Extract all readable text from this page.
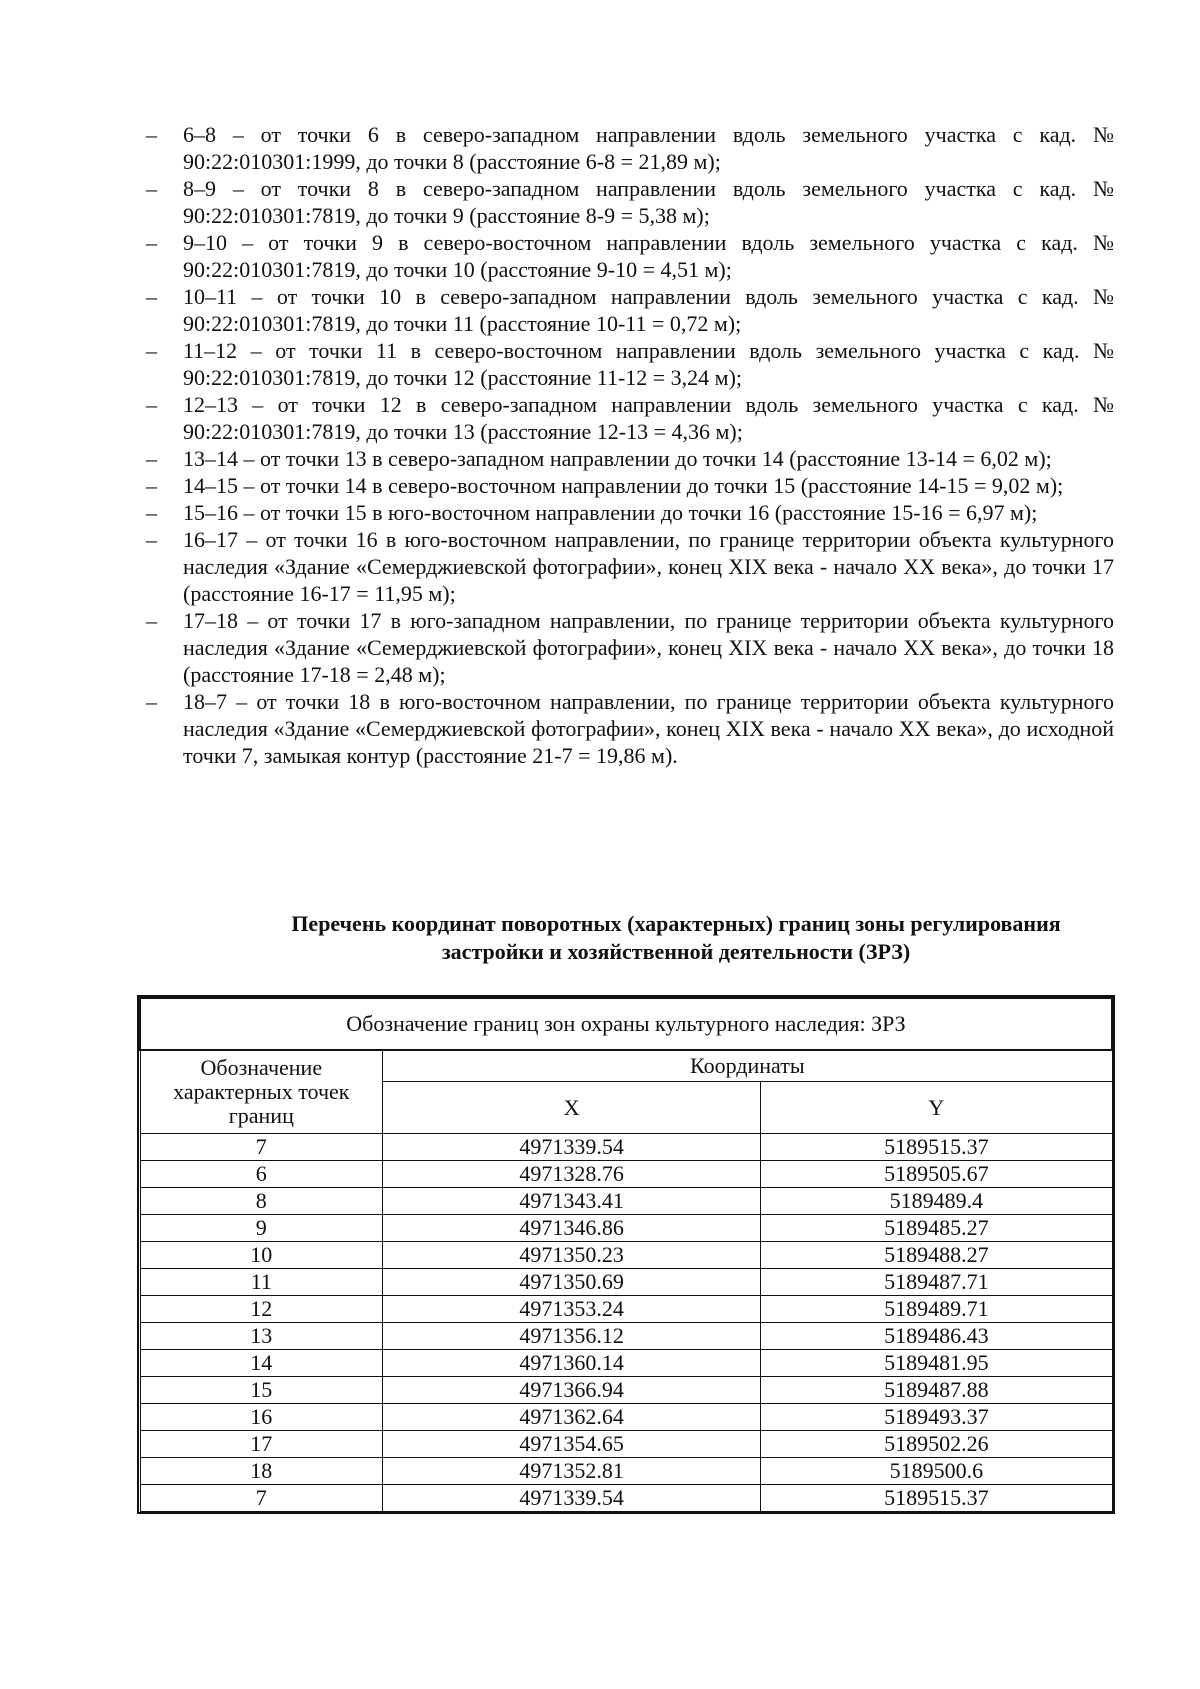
–	6–8 – от точки 6 в северо-западном направлении вдоль земельного участка с кад. № 90:22:010301:1999, до точки 8 (расстояние 6-8 = 21,89 м);
–	8–9 – от точки 8 в северо-западном направлении вдоль земельного участка с кад. № 90:22:010301:7819, до точки 9 (расстояние 8-9 = 5,38 м);
–	9–10 – от точки 9 в северо-восточном направлении вдоль земельного участка с кад. № 90:22:010301:7819, до точки 10 (расстояние 9-10 = 4,51 м);
–	10–11 – от точки 10 в северо-западном направлении вдоль земельного участка с кад. № 90:22:010301:7819, до точки 11 (расстояние 10-11 = 0,72 м);
–	11–12 – от точки 11 в северо-восточном направлении вдоль земельного участка с кад. № 90:22:010301:7819, до точки 12 (расстояние 11-12 = 3,24 м);
–	12–13 – от точки 12 в северо-западном направлении вдоль земельного участка с кад. № 90:22:010301:7819, до точки 13 (расстояние 12-13 = 4,36 м);
–	13–14 – от точки 13 в северо-западном направлении до точки 14 (расстояние 13-14 = 6,02 м);
–	14–15 – от точки 14 в северо-восточном направлении до точки 15 (расстояние 14-15 = 9,02 м);
–	15–16 – от точки 15 в юго-восточном направлении до точки 16 (расстояние 15-16 = 6,97 м);
–	16–17 – от точки 16 в юго-восточном направлении, по границе территории объекта культурного наследия «Здание «Семерджиевской фотографии», конец XIX века - начало XX века», до точки 17 (расстояние 16-17 = 11,95 м);
–	17–18 – от точки 17 в юго-западном направлении, по границе территории объекта культурного наследия «Здание «Семерджиевской фотографии», конец XIX века - начало XX века», до точки 18 (расстояние 17-18 = 2,48 м);
–	18–7 – от точки 18 в юго-восточном направлении, по границе территории объекта культурного наследия «Здание «Семерджиевской фотографии», конец XIX века - начало XX века», до исходной точки 7, замыкая контур (расстояние 21-7 = 19,86 м).
Перечень координат поворотных (характерных) границ зоны регулирования
застройки и хозяйственной деятельности (ЗРЗ)
Обозначение границ зон охраны культурного наследия: ЗРЗ		
Обозначение характерных точек границ	Координаты	
	X	Y
7	4971339.54	5189515.37
6	4971328.76	5189505.67
8	4971343.41	5189489.4
9	4971346.86	5189485.27
10	4971350.23	5189488.27
11	4971350.69	5189487.71
12	4971353.24	5189489.71
13	4971356.12	5189486.43
14	4971360.14	5189481.95
15	4971366.94	5189487.88
16	4971362.64	5189493.37
17	4971354.65	5189502.26
18	4971352.81	5189500.6
7	4971339.54	5189515.37
